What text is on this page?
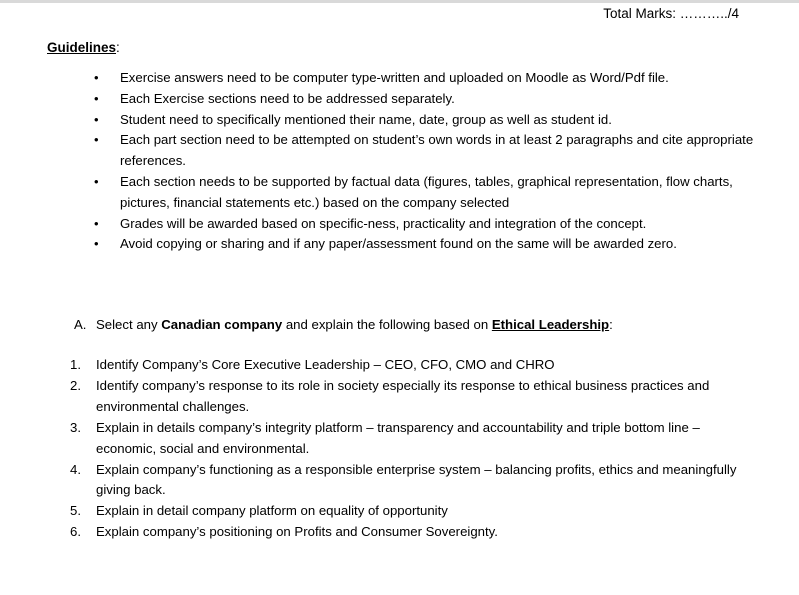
Total Marks: ………../4
Guidelines:
• Exercise answers need to be computer type-written and uploaded on Moodle as Word/Pdf file.
• Each Exercise sections need to be addressed separately.
• Student need to specifically mentioned their name, date, group as well as student id.
• Each part section need to be attempted on student’s own words in at least 2 paragraphs and cite appropriate references.
• Each section needs to be supported by factual data (figures, tables, graphical representation, flow charts, pictures, financial statements etc.) based on the company selected
• Grades will be awarded based on specific-ness, practicality and integration of the concept.
• Avoid copying or sharing and if any paper/assessment found on the same will be awarded zero.
A. Select any Canadian company and explain the following based on Ethical Leadership:
1. Identify Company’s Core Executive Leadership – CEO, CFO, CMO and CHRO
2. Identify company’s response to its role in society especially its response to ethical business practices and environmental challenges.
3. Explain in details company’s integrity platform – transparency and accountability and triple bottom line – economic, social and environmental.
4. Explain company’s functioning as a responsible enterprise system – balancing profits, ethics and meaningfully giving back.
5. Explain in detail company platform on equality of opportunity
6. Explain company’s positioning on Profits and Consumer Sovereignty.
